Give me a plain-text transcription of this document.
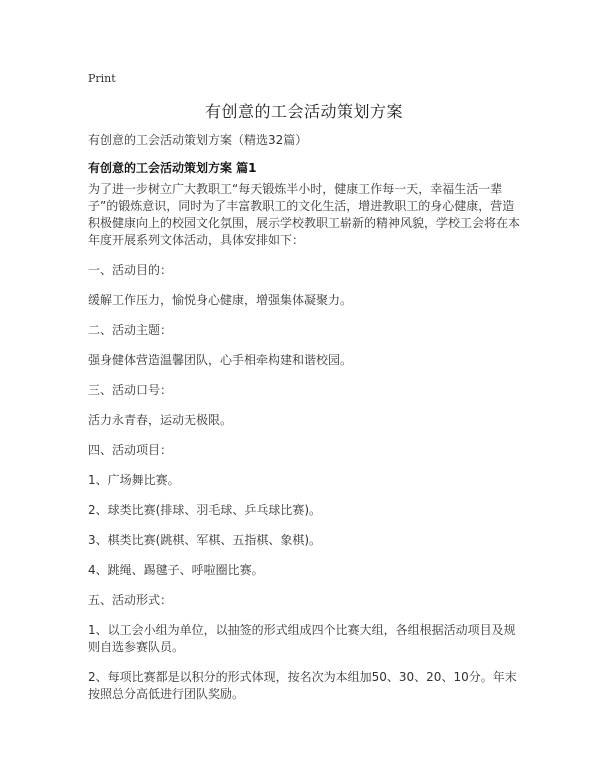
Print
有创意的工会活动策划方案
有创意的工会活动策划方案（精选32篇）
有创意的工会活动策划方案 篇1

为了进一步树立广大教职工“每天锻炼半小时，健康工作每一天，幸福生活一辈子”的锻炼意识，同时为了丰富教职工的文化生活，增进教职工的身心健康，营造积极健康向上的校园文化氛围，展示学校教职工崭新的精神风貌，学校工会将在本年度开展系列文体活动，具体安排如下：

一、活动目的：

缓解工作压力，愉悦身心健康，增强集体凝聚力。

二、活动主题：

强身健体营造温馨团队，心手相牵构建和谐校园。

三、活动口号：

活力永青春，运动无极限。

四、活动项目：

1、广场舞比赛。

2、球类比赛(排球、羽毛球、乒乓球比赛)。

3、棋类比赛(跳棋、军棋、五指棋、象棋)。

4、跳绳、踢毽子、呼啦圈比赛。

五、活动形式：

1、以工会小组为单位，以抽签的形式组成四个比赛大组，各组根据活动项目及规则自选参赛队员。

2、每项比赛都是以积分的形式体现，按名次为本组加50、30、20、10分。年末按照总分高低进行团队奖励。
